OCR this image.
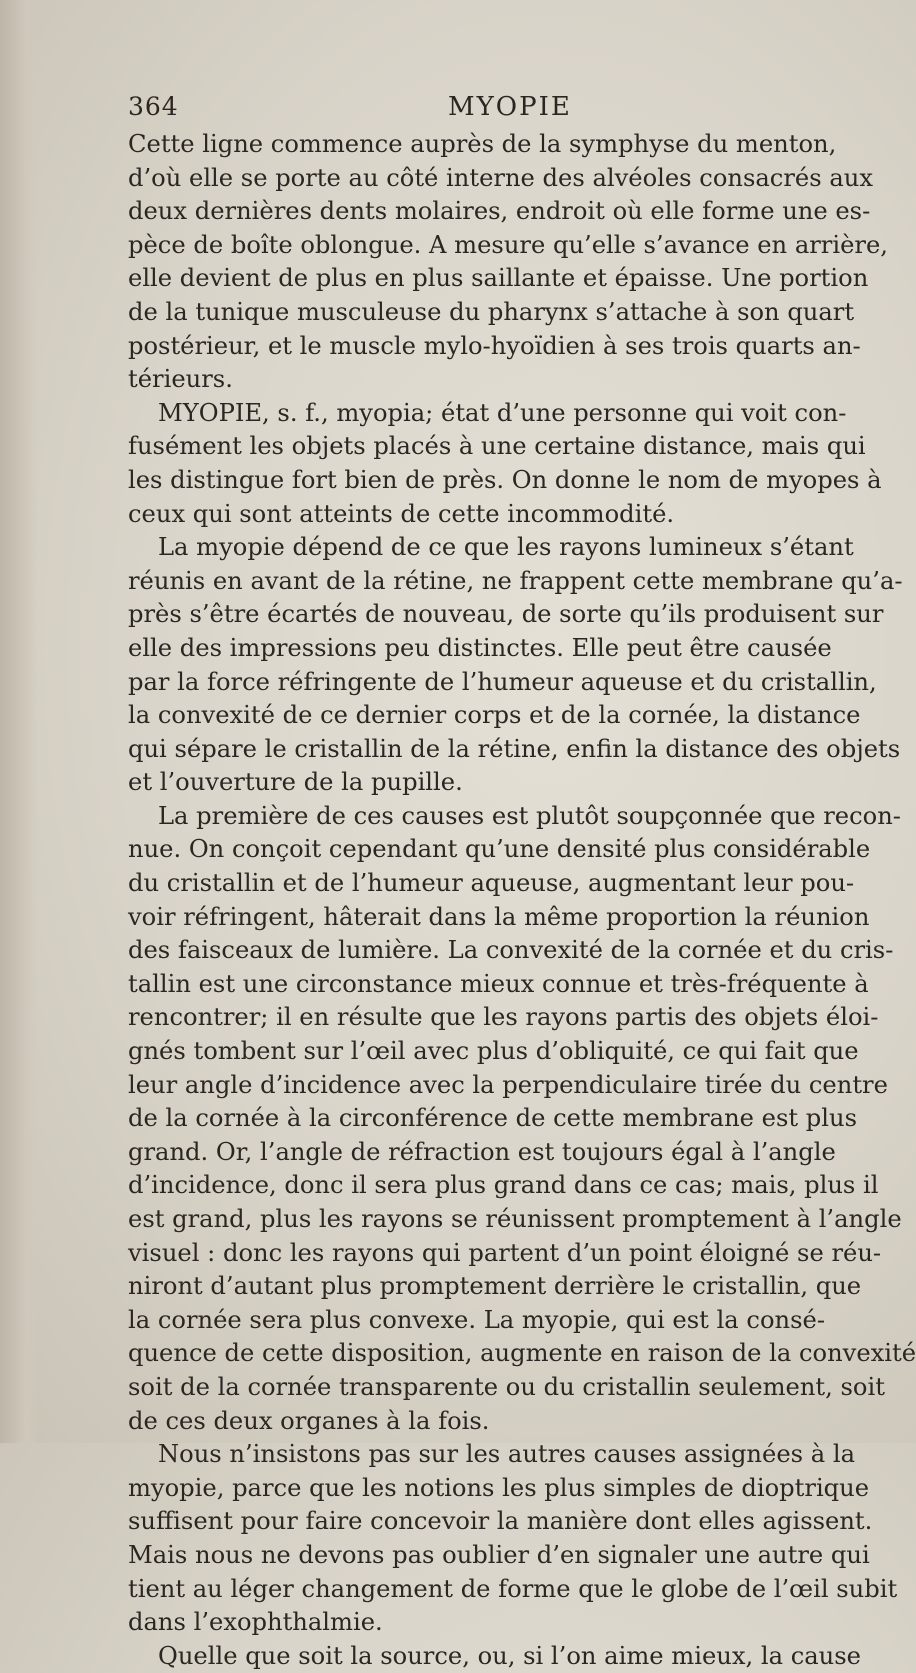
364	MYOPIE
Cette ligne commence auprès de la symphyse du menton,
d’où elle se porte au côté interne des alvéoles consacrés aux
deux dernières dents molaires, endroit où elle forme une es-
pèce de boîte oblongue. A mesure qu’elle s’avance en arrière,
elle devient de plus en plus saillante et épaisse. Une portion
de la tunique musculeuse du pharynx s’attache à son quart
postérieur, et le muscle mylo-hyoïdien à ses trois quarts an-
térieurs.
MYOPIE, s. f., myopia; état d’une personne qui voit con-
fusément les objets placés à une certaine distance, mais qui
les distingue fort bien de près. On donne le nom de myopes à
ceux qui sont atteints de cette incommodité.
La myopie dépend de ce que les rayons lumineux s’étant
réunis en avant de la rétine, ne frappent cette membrane qu’a-
près s’être écartés de nouveau, de sorte qu’ils produisent sur
elle des impressions peu distinctes. Elle peut être causée
par la force réfringente de l’humeur aqueuse et du cristallin,
la convexité de ce dernier corps et de la cornée, la distance
qui sépare le cristallin de la rétine, enfin la distance des objets
et l’ouverture de la pupille.
La première de ces causes est plutôt soupçonnée que recon-
nue. On conçoit cependant qu’une densité plus considérable
du cristallin et de l’humeur aqueuse, augmentant leur pou-
voir réfringent, hâterait dans la même proportion la réunion
des faisceaux de lumière. La convexité de la cornée et du cris-
tallin est une circonstance mieux connue et très-fréquente à
rencontrer; il en résulte que les rayons partis des objets éloi-
gnés tombent sur l’œil avec plus d’obliquité, ce qui fait que
leur angle d’incidence avec la perpendiculaire tirée du centre
de la cornée à la circonférence de cette membrane est plus
grand. Or, l’angle de réfraction est toujours égal à l’angle
d’incidence, donc il sera plus grand dans ce cas; mais, plus il
est grand, plus les rayons se réunissent promptement à l’angle
visuel : donc les rayons qui partent d’un point éloigné se réu-
niront d’autant plus promptement derrière le cristallin, que
la cornée sera plus convexe. La myopie, qui est la consé-
quence de cette disposition, augmente en raison de la convexité
soit de la cornée transparente ou du cristallin seulement, soit
de ces deux organes à la fois.
Nous n’insistons pas sur les autres causes assignées à la
myopie, parce que les notions les plus simples de dioptrique
suffisent pour faire concevoir la manière dont elles agissent.
Mais nous ne devons pas oublier d’en signaler une autre qui
tient au léger changement de forme que le globe de l’œil subit
dans l’exophthalmie.
Quelle que soit la source, ou, si l’on aime mieux, la cause
